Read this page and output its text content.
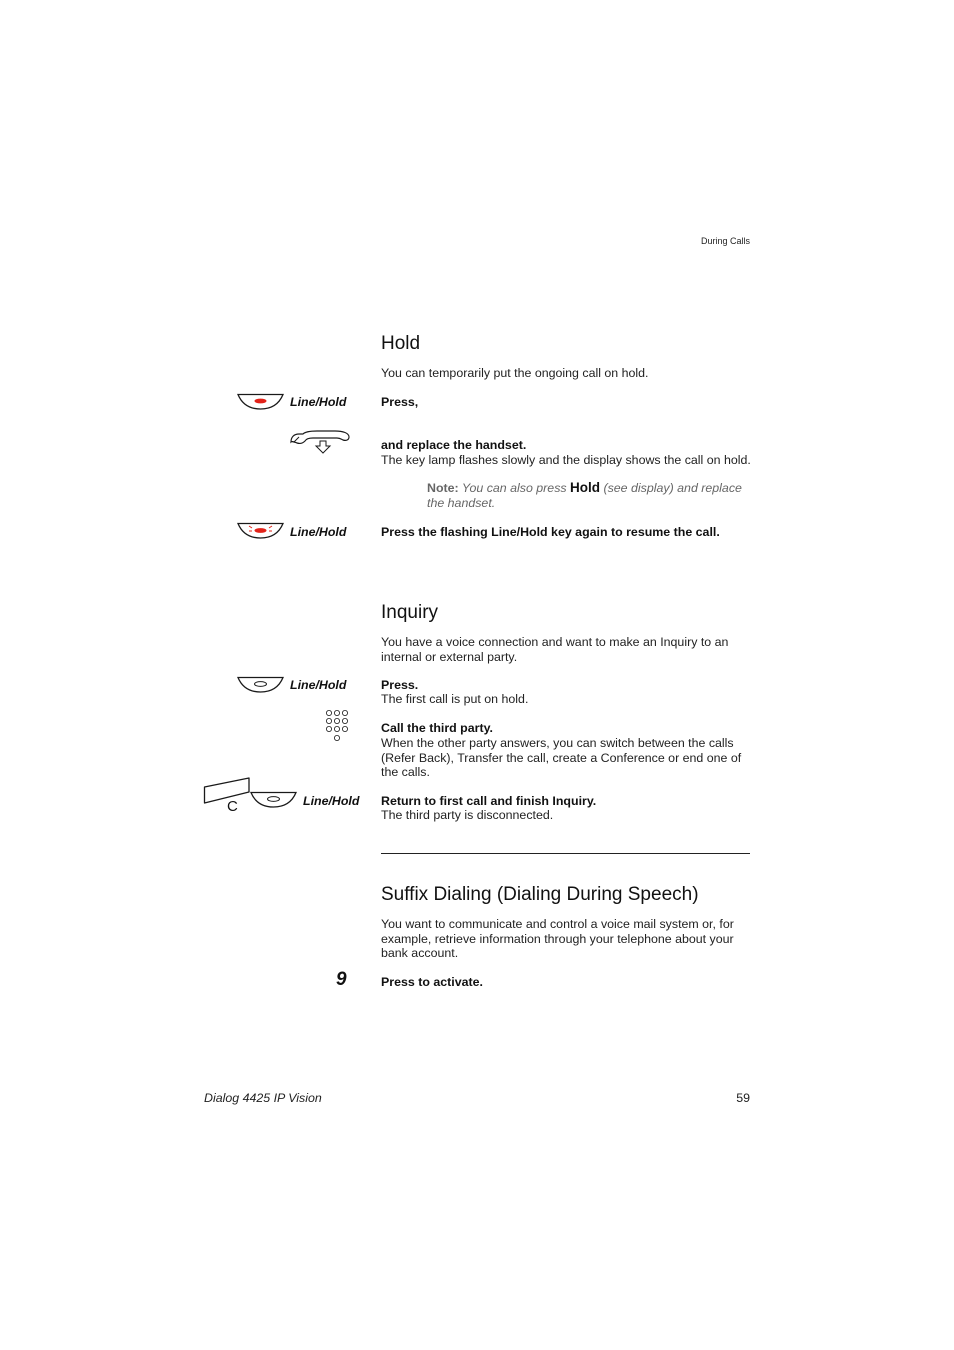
During Calls
Hold
You can temporarily put the ongoing call on hold.
Line/Hold	Press,
and replace the handset.
The key lamp flashes slowly and the display shows the call on hold.
Note: You can also press Hold (see display) and replace the handset.
Line/Hold	Press the flashing Line/Hold key again to resume the call.
Inquiry
You have a voice connection and want to make an Inquiry to an internal or external party.
Line/Hold	Press.
The first call is put on hold.
Call the third party.
When the other party answers, you can switch between the calls (Refer Back), Transfer the call, create a Conference or end one of the calls.
C	Line/Hold Return to first call and finish Inquiry.
The third party is disconnected.
Suffix Dialing (Dialing During Speech)
You want to communicate and control a voice mail system or, for example, retrieve information through your telephone about your bank account.
9	Press to activate.
Dialog 4425 IP Vision	59
